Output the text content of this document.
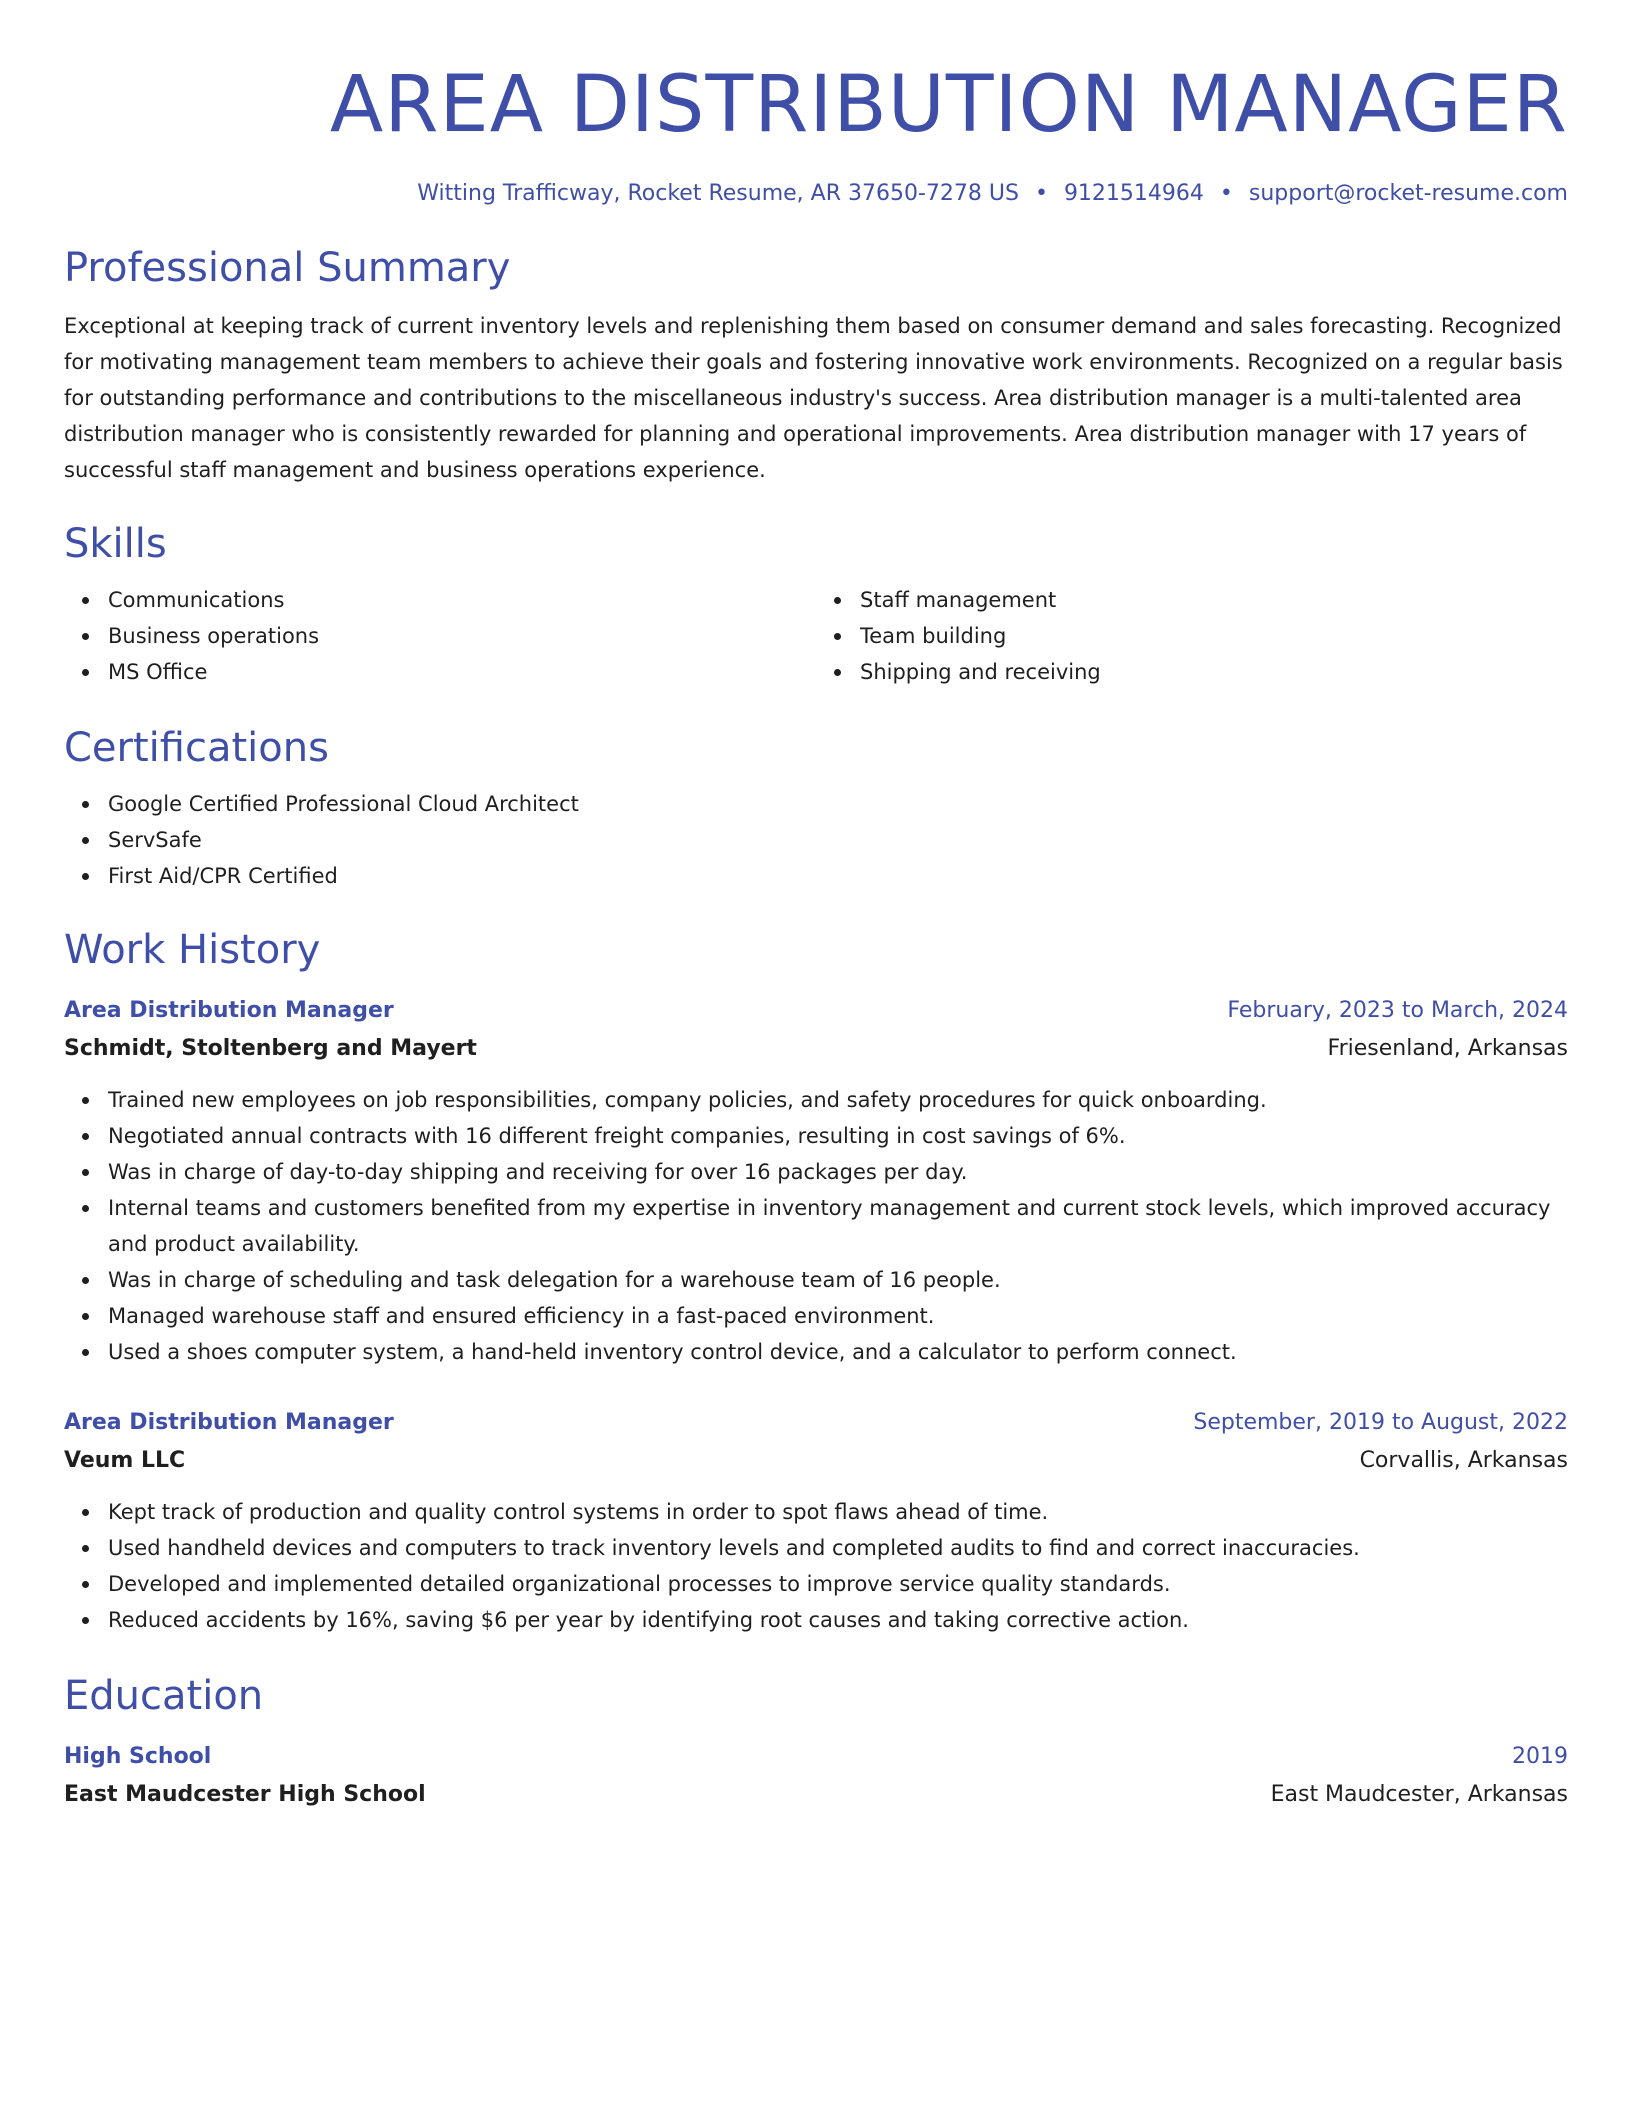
AREA DISTRIBUTION MANAGER
Witting Trafficway, Rocket Resume, AR 37650-7278 US • 9121514964 • support@rocket-resume.com
Professional Summary
Exceptional at keeping track of current inventory levels and replenishing them based on consumer demand and sales forecasting. Recognized for motivating management team members to achieve their goals and fostering innovative work environments. Recognized on a regular basis for outstanding performance and contributions to the miscellaneous industry's success. Area distribution manager is a multi-talented area distribution manager who is consistently rewarded for planning and operational improvements. Area distribution manager with 17 years of successful staff management and business operations experience.
Skills
Communications
Business operations
MS Office
Staff management
Team building
Shipping and receiving
Certifications
Google Certified Professional Cloud Architect
ServSafe
First Aid/CPR Certified
Work History
Area Distribution Manager	February, 2023 to March, 2024
Schmidt, Stoltenberg and Mayert	Friesenland, Arkansas
Trained new employees on job responsibilities, company policies, and safety procedures for quick onboarding.
Negotiated annual contracts with 16 different freight companies, resulting in cost savings of 6%.
Was in charge of day-to-day shipping and receiving for over 16 packages per day.
Internal teams and customers benefited from my expertise in inventory management and current stock levels, which improved accuracy and product availability.
Was in charge of scheduling and task delegation for a warehouse team of 16 people.
Managed warehouse staff and ensured efficiency in a fast-paced environment.
Used a shoes computer system, a hand-held inventory control device, and a calculator to perform connect.
Area Distribution Manager	September, 2019 to August, 2022
Veum LLC	Corvallis, Arkansas
Kept track of production and quality control systems in order to spot flaws ahead of time.
Used handheld devices and computers to track inventory levels and completed audits to find and correct inaccuracies.
Developed and implemented detailed organizational processes to improve service quality standards.
Reduced accidents by 16%, saving $6 per year by identifying root causes and taking corrective action.
Education
High School	2019
East Maudcester High School	East Maudcester, Arkansas
